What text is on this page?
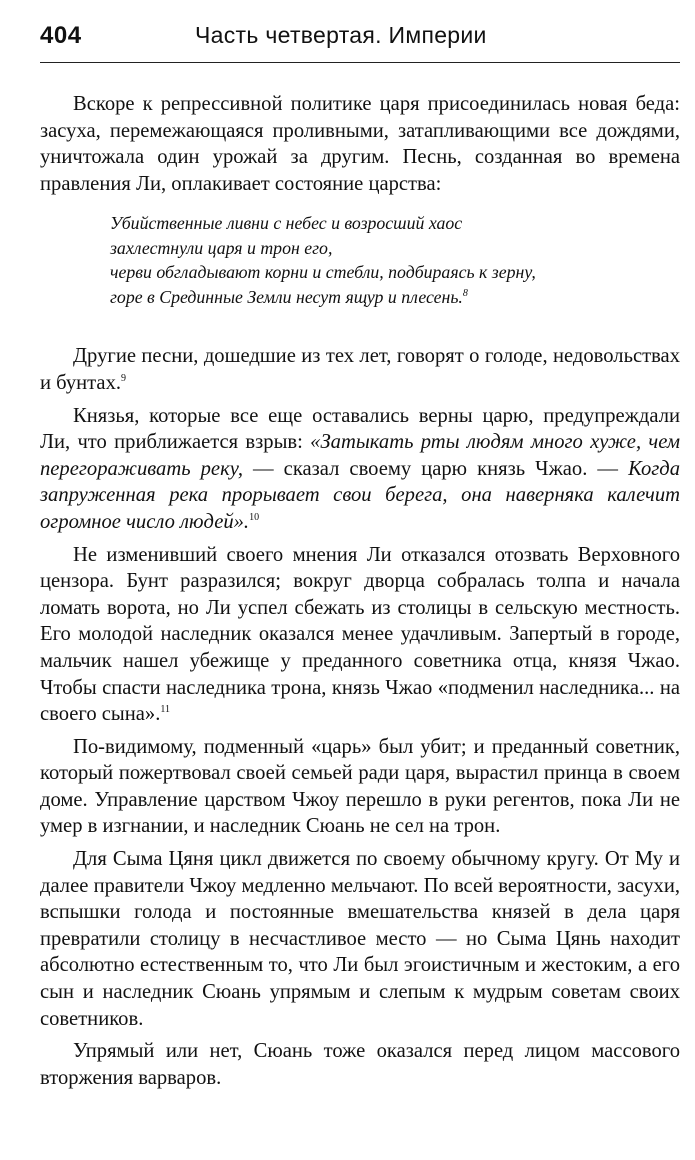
404	Часть четвертая. Империи

Вскоре к репрессивной политике царя присоединилась новая беда: засуха, перемежающаяся проливными, затапливающими все дождями, уничтожала один урожай за другим. Песнь, созданная во времена правления Ли, оплакивает состояние царства:

Убийственные ливни с небес и возросший хаос
захлестнули царя и трон его,
черви обгладывают корни и стебли, подбираясь к зерну,
горе в Срединные Земли несут ящур и плесень.$^8$

Другие песни, дошедшие из тех лет, говорят о голоде, недовольствах и бунтах.$^9$

Князья, которые все еще оставались верны царю, предупреждали Ли, что приближается взрыв: «Затыкать рты людям много хуже, чем перегораживать реку, — сказал своему царю князь Чжао. — Когда запруженная река прорывает свои берега, она наверняка калечит огромное число людей».$^{10}$

Не изменивший своего мнения Ли отказался отозвать Верховного цензора. Бунт разразился; вокруг дворца собралась толпа и начала ломать ворота, но Ли успел сбежать из столицы в сельскую местность. Его молодой наследник оказался менее удачливым. Запертый в городе, мальчик нашел убежище у преданного советника отца, князя Чжао. Чтобы спасти наследника трона, князь Чжао «подменил наследника... на своего сына».$^{11}$

По-видимому, подменный «царь» был убит; и преданный советник, который пожертвовал своей семьей ради царя, вырастил принца в своем доме. Управление царством Чжоу перешло в руки регентов, пока Ли не умер в изгнании, и наследник Сюань не сел на трон.

Для Сыма Цяня цикл движется по своему обычному кругу. От Му и далее правители Чжоу медленно мельчают. По всей вероятности, засухи, вспышки голода и постоянные вмешательства князей в дела царя превратили столицу в несчастливое место — но Сыма Цянь находит абсолютно естественным то, что Ли был эгоистичным и жестоким, а его сын и наследник Сюань упрямым и слепым к мудрым советам своих советников.

Упрямый или нет, Сюань тоже оказался перед лицом массового вторжения варваров.
